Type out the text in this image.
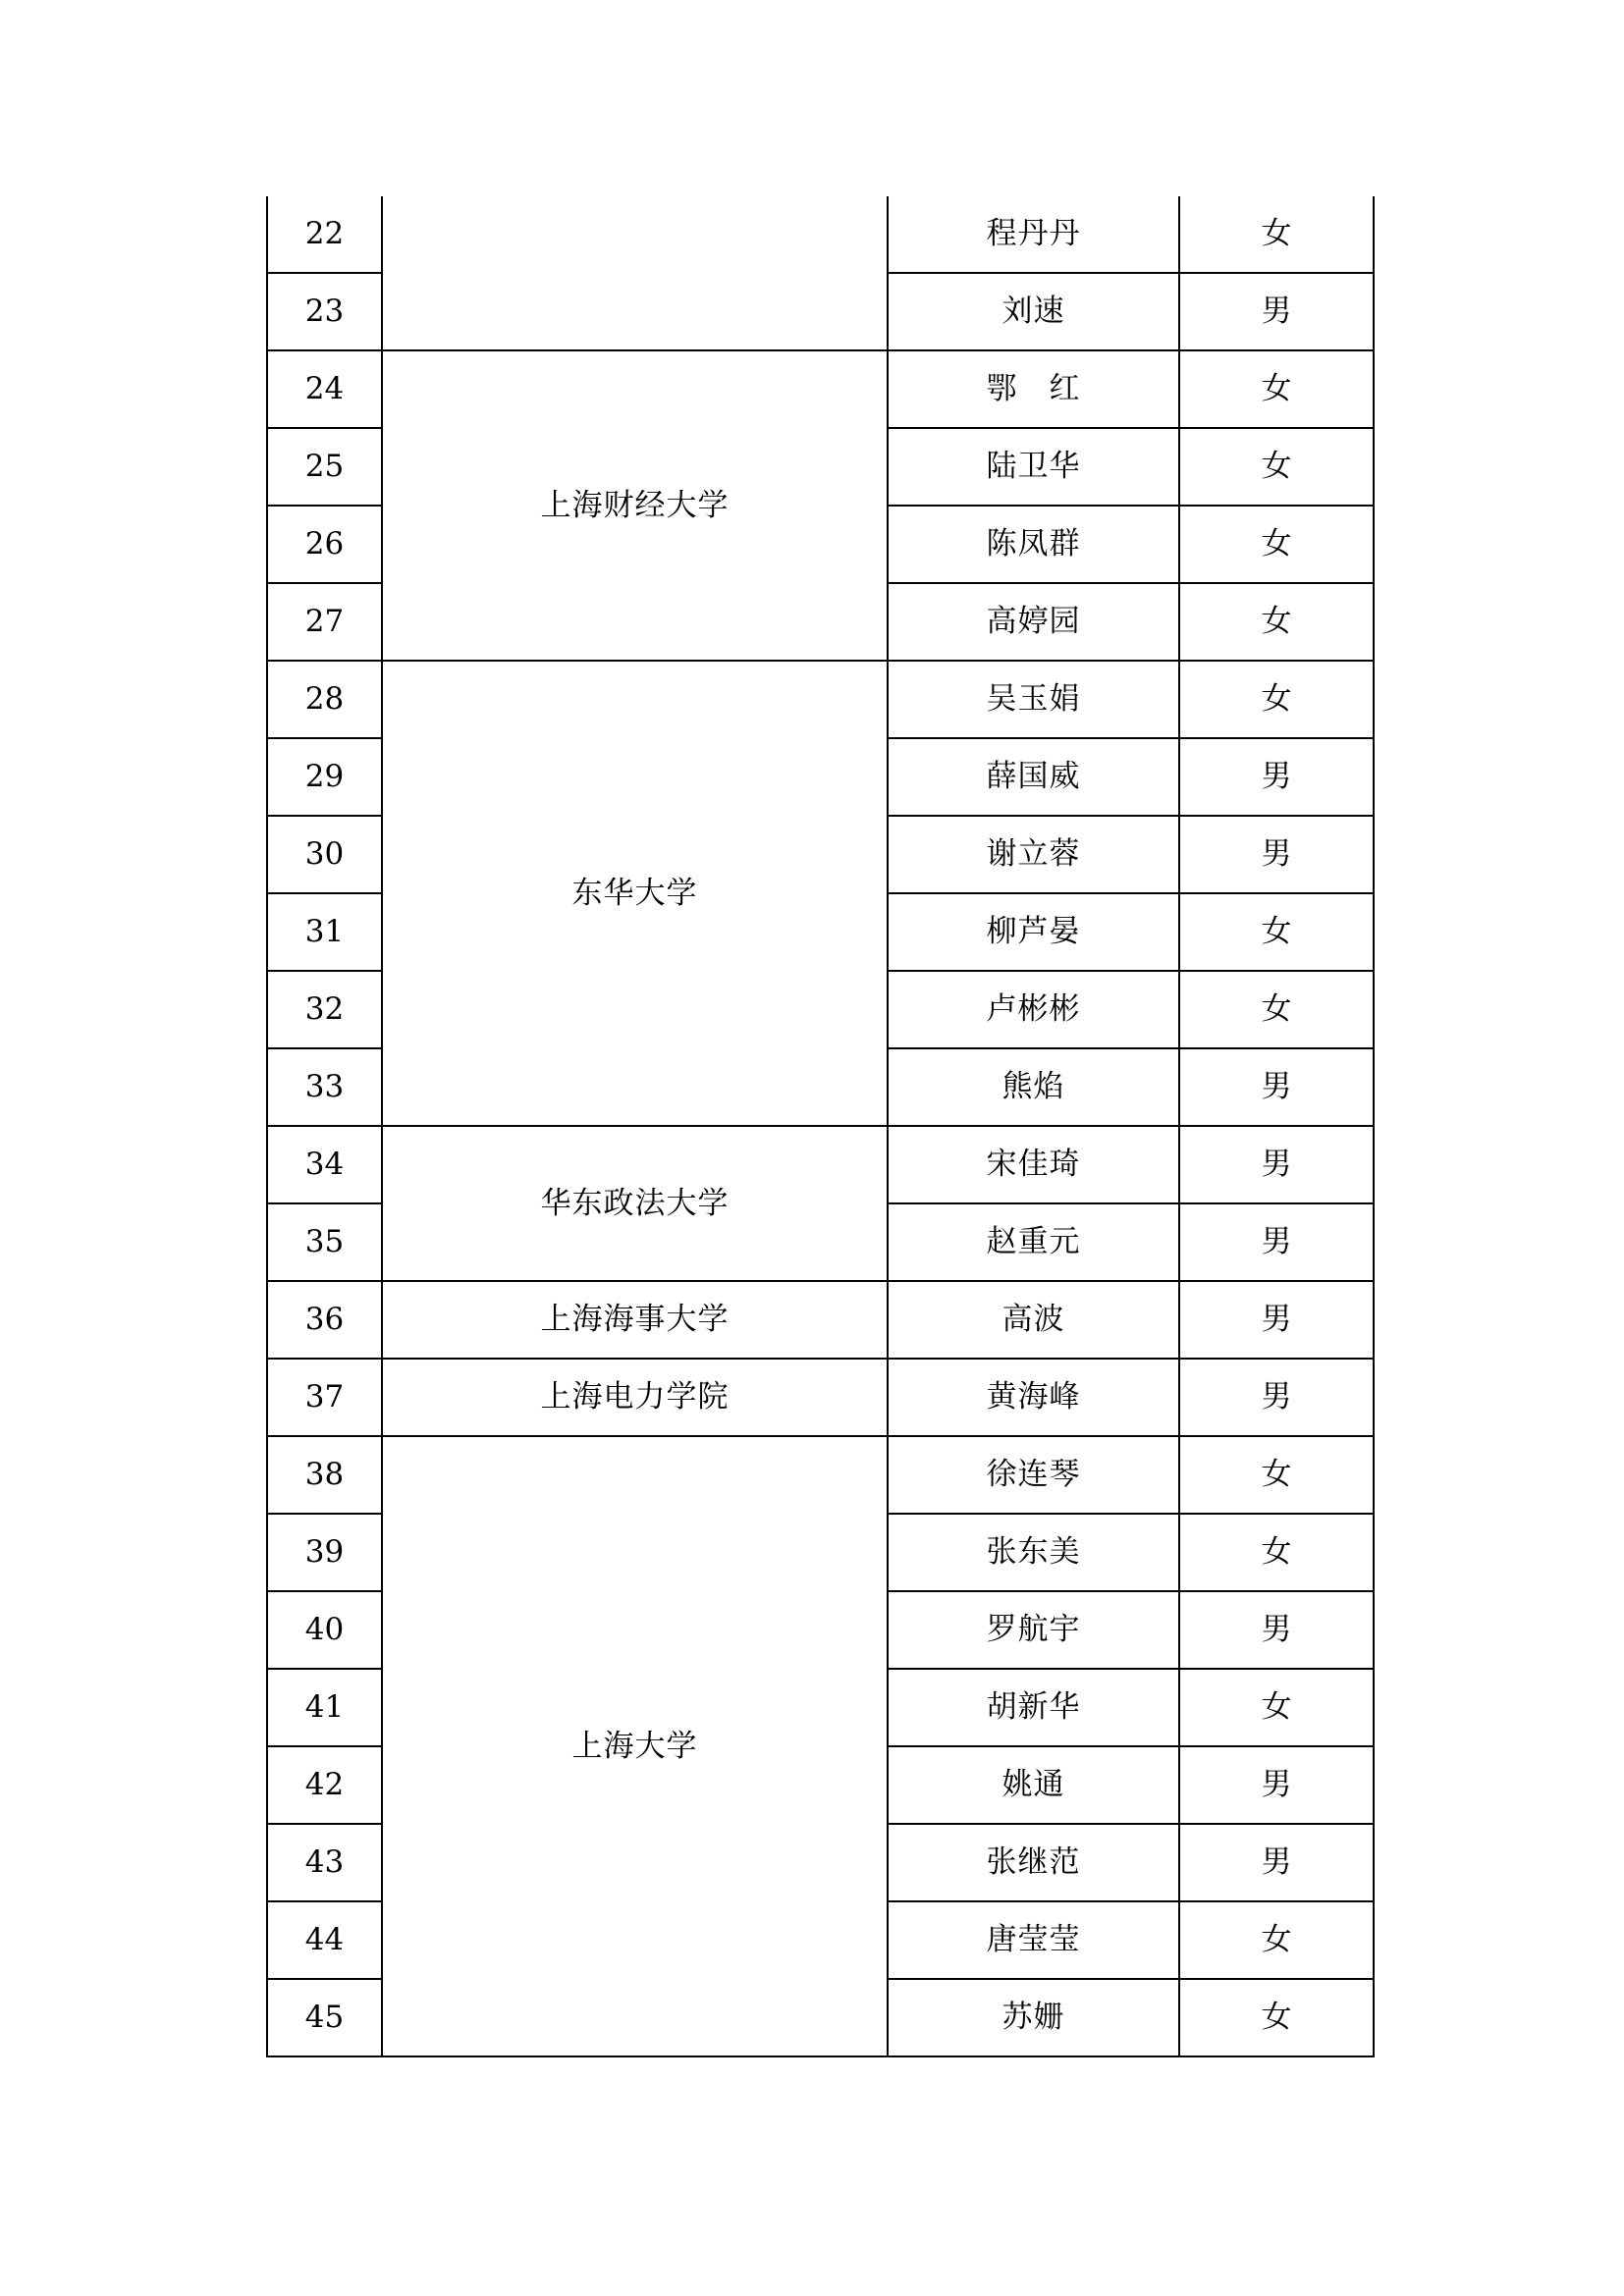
22		程丹丹	女
23		刘速	男
24	上海财经大学	鄂　红	女
25		陆卫华	女
26		陈凤群	女
27		高婷园	女
28	东华大学	吴玉娟	女
29		薛国威	男
30		谢立蓉	男
31		柳芦晏	女
32		卢彬彬	女
33		熊焰	男
34	华东政法大学	宋佳琦	男
35		赵重元	男
36	上海海事大学	高波	男
37	上海电力学院	黄海峰	男
38	上海大学	徐连琴	女
39		张东美	女
40		罗航宇	男
41		胡新华	女
42		姚通	男
43		张继范	男
44		唐莹莹	女
45		苏姗	女
